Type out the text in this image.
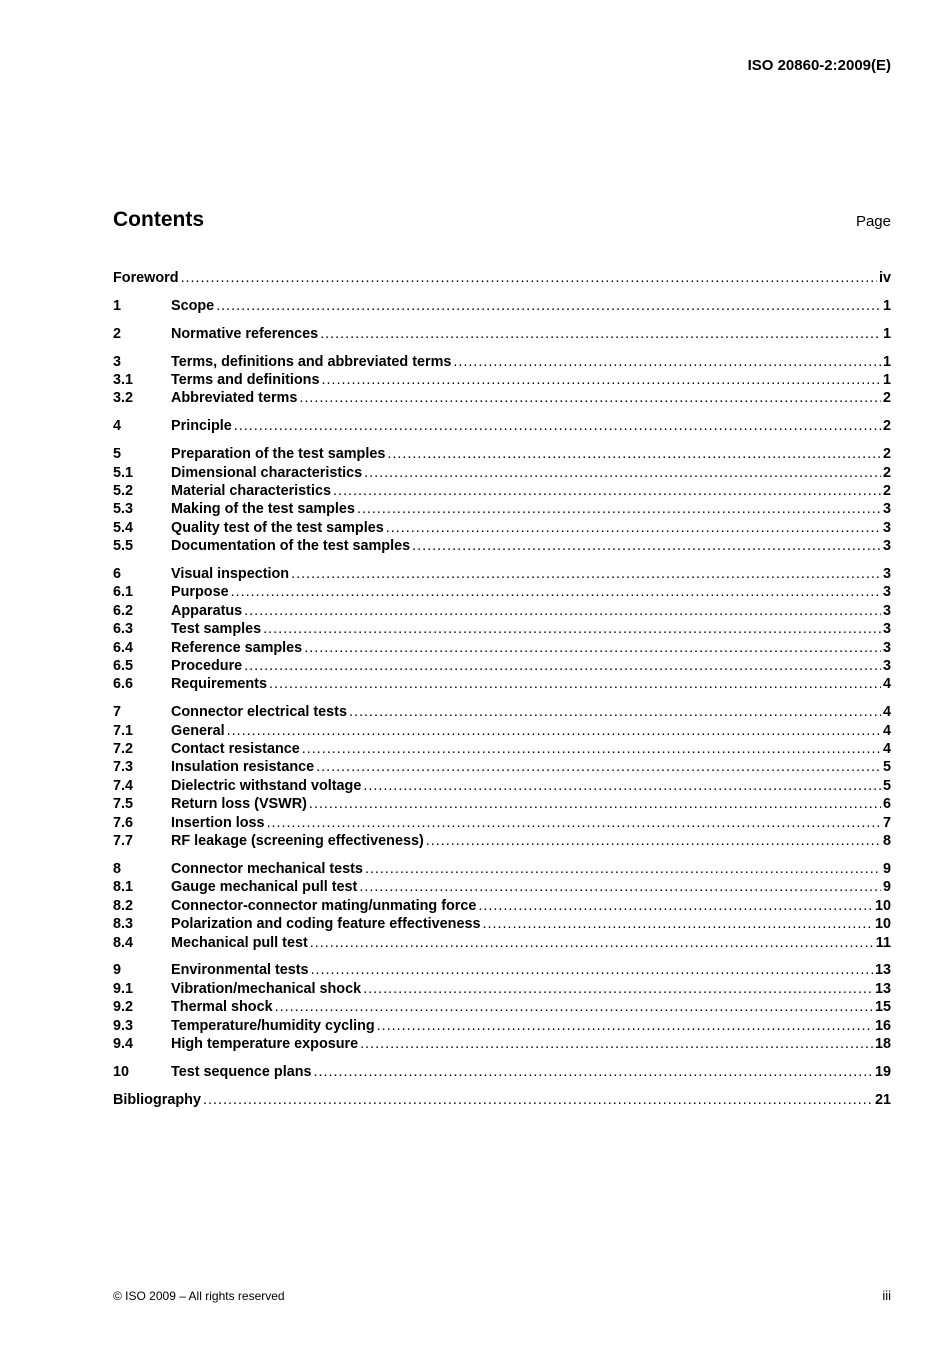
ISO 20860-2:2009(E)
Contents	Page
Foreword .....	iv
1	Scope .....	1
2	Normative references .....	1
3	Terms, definitions and abbreviated terms .....	1
3.1	Terms and definitions .....	1
3.2	Abbreviated terms .....	2
4	Principle .....	2
5	Preparation of the test samples .....	2
5.1	Dimensional characteristics .....	2
5.2	Material characteristics .....	2
5.3	Making of the test samples .....	3
5.4	Quality test of the test samples .....	3
5.5	Documentation of the test samples .....	3
6	Visual inspection .....	3
6.1	Purpose .....	3
6.2	Apparatus .....	3
6.3	Test samples .....	3
6.4	Reference samples .....	3
6.5	Procedure .....	3
6.6	Requirements .....	4
7	Connector electrical tests .....	4
7.1	General .....	4
7.2	Contact resistance .....	4
7.3	Insulation resistance .....	5
7.4	Dielectric withstand voltage .....	5
7.5	Return loss (VSWR) .....	6
7.6	Insertion loss .....	7
7.7	RF leakage (screening effectiveness) .....	8
8	Connector mechanical tests .....	9
8.1	Gauge mechanical pull test .....	9
8.2	Connector-connector mating/unmating force .....	10
8.3	Polarization and coding feature effectiveness .....	10
8.4	Mechanical pull test .....	11
9	Environmental tests .....	13
9.1	Vibration/mechanical shock .....	13
9.2	Thermal shock .....	15
9.3	Temperature/humidity cycling .....	16
9.4	High temperature exposure .....	18
10	Test sequence plans .....	19
Bibliography .....	21
© ISO 2009 – All rights reserved	iii
